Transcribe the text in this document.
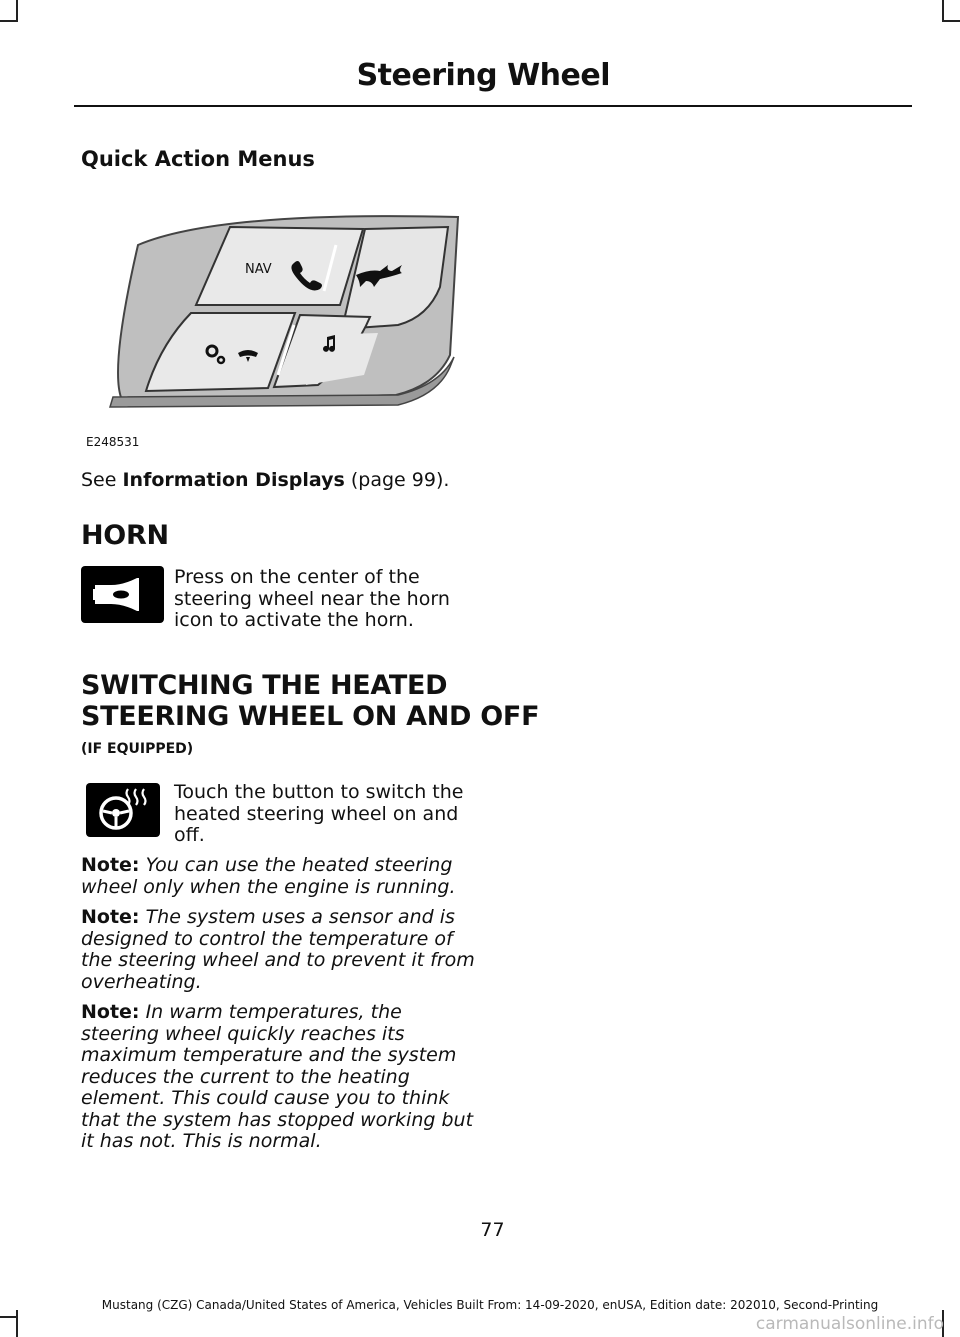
Steering Wheel
Quick Action Menus
NAV
E248531
See Information Displays (page 99).
HORN
Press on the center of the steering wheel near the horn icon to activate the horn.
SWITCHING THE HEATED
STEERING WHEEL ON AND OFF
(IF EQUIPPED)
Touch the button to switch the heated steering wheel on and off.
Note: You can use the heated steering wheel only when the engine is running.
Note: The system uses a sensor and is designed to control the temperature of the steering wheel and to prevent it from overheating.
Note: In warm temperatures, the steering wheel quickly reaches its maximum temperature and the system reduces the current to the heating element. This could cause you to think that the system has stopped working but it has not. This is normal.
77
Mustang (CZG) Canada/United States of America, Vehicles Built From: 14-09-2020, enUSA, Edition date: 202010, Second-Printing
carmanualsonline.info
